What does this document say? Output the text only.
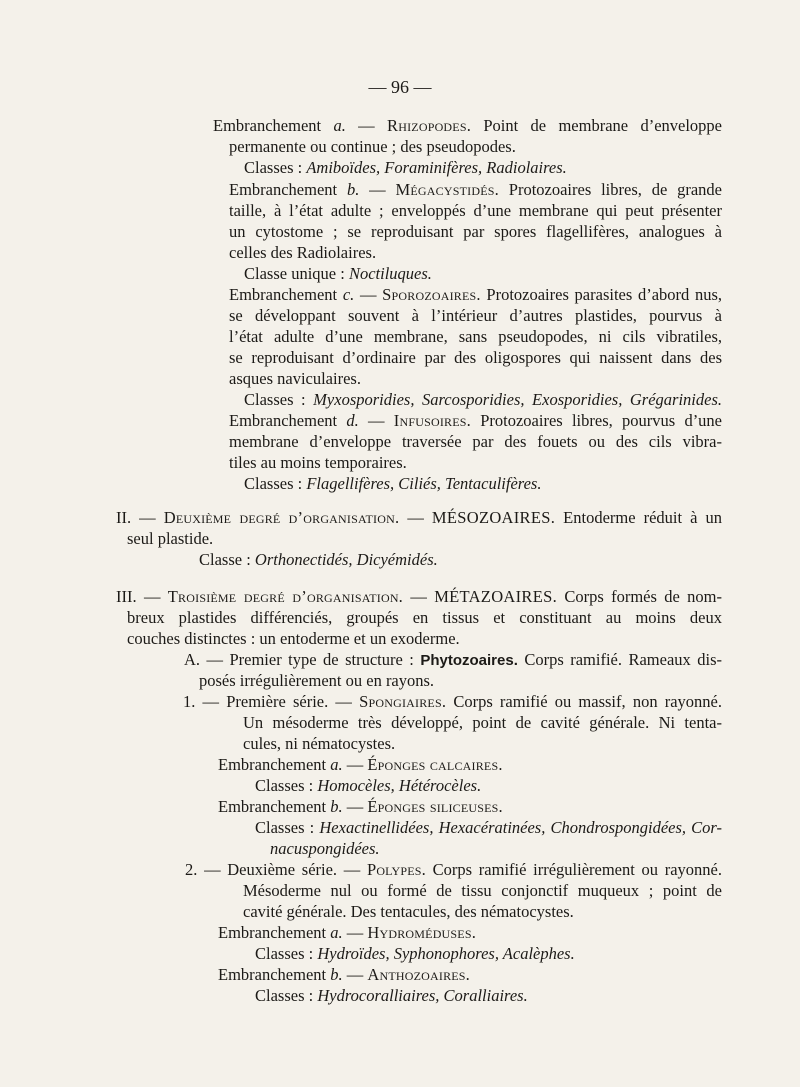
— 96 —

Embranchement a. — Rhizopodes. Point de membrane d’enveloppe

permanente ou continue ; des pseudopodes.

Classes : Amiboïdes, Foraminifères, Radiolaires.

Embranchement b. — Mégacystidés. Protozoaires libres, de grande

taille, à l’état adulte ; enveloppés d’une membrane qui peut présenter

un cytostome ; se reproduisant par spores flagellifères, analogues à

celles des Radiolaires.

Classe unique : Noctiluques.

Embranchement c. — Sporozoaires. Protozoaires parasites d’abord nus,

se développant souvent à l’intérieur d’autres plastides, pourvus à

l’état adulte d’une membrane, sans pseudopodes, ni cils vibratiles,

se reproduisant d’ordinaire par des oligospores qui naissent dans des

asques naviculaires.

Classes : Myxosporidies, Sarcosporidies, Exosporidies, Grégarinides.

Embranchement d. — Infusoires. Protozoaires libres, pourvus d’une

membrane d’enveloppe traversée par des fouets ou des cils vibra-

tiles au moins temporaires.

Classes : Flagellifères, Ciliés, Tentaculifères.

II. — Deuxième degré d’organisation. — MÉSOZOAIRES. Entoderme réduit à un

seul plastide.

Classe : Orthonectidés, Dicyémidés.

III. — Troisième degré d’organisation. — MÉTAZOAIRES. Corps formés de nom-

breux plastides différenciés, groupés en tissus et constituant au moins deux

couches distinctes : un entoderme et un exoderme.

A. — Premier type de structure : Phytozoaires. Corps ramifié. Rameaux dis-

posés irrégulièrement ou en rayons.

1. — Première série. — Spongiaires. Corps ramifié ou massif, non rayonné.

Un mésoderme très développé, point de cavité générale. Ni tenta-

cules, ni nématocystes.

Embranchement a. — Éponges calcaires.

Classes : Homocèles, Hétérocèles.

Embranchement b. — Éponges siliceuses.

Classes : Hexactinellidées, Hexacératinées, Chondrospongidées, Cor-

nacuspongidées.

2. — Deuxième série. — Polypes. Corps ramifié irrégulièrement ou rayonné.

Mésoderme nul ou formé de tissu conjonctif muqueux ; point de

cavité générale. Des tentacules, des nématocystes.

Embranchement a. — Hydroméduses.

Classes : Hydroïdes, Syphonophores, Acalèphes.

Embranchement b. — Anthozoaires.

Classes : Hydrocoralliaires, Coralliaires.
